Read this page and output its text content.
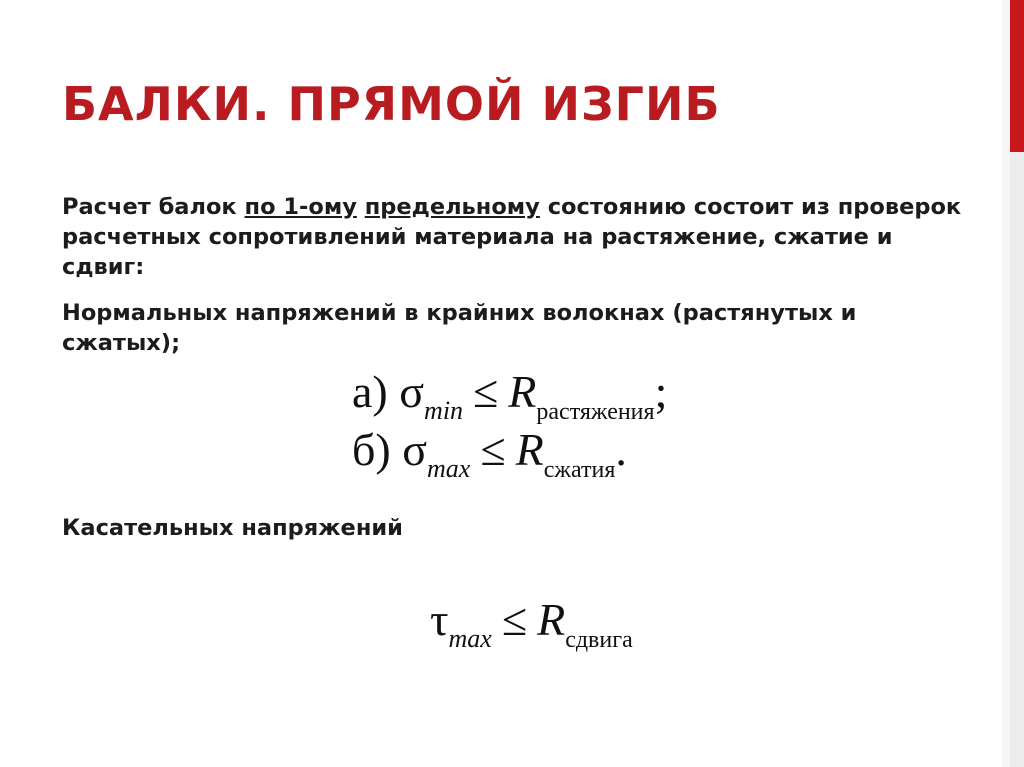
БАЛКИ. ПРЯМОЙ ИЗГИБ

Расчет балок по 1-ому предельному состоянию состоит из проверок расчетных сопротивлений материала на растяжение, сжатие и сдвиг:

Нормальных напряжений в крайних волокнах (растянутых и сжатых);

а) $\sigma_{min} \le R_{растяжения}$;
б) $\sigma_{max} \le R_{сжатия}$.

Касательных напряжений

$\tau_{max} \le R_{сдвига}$
